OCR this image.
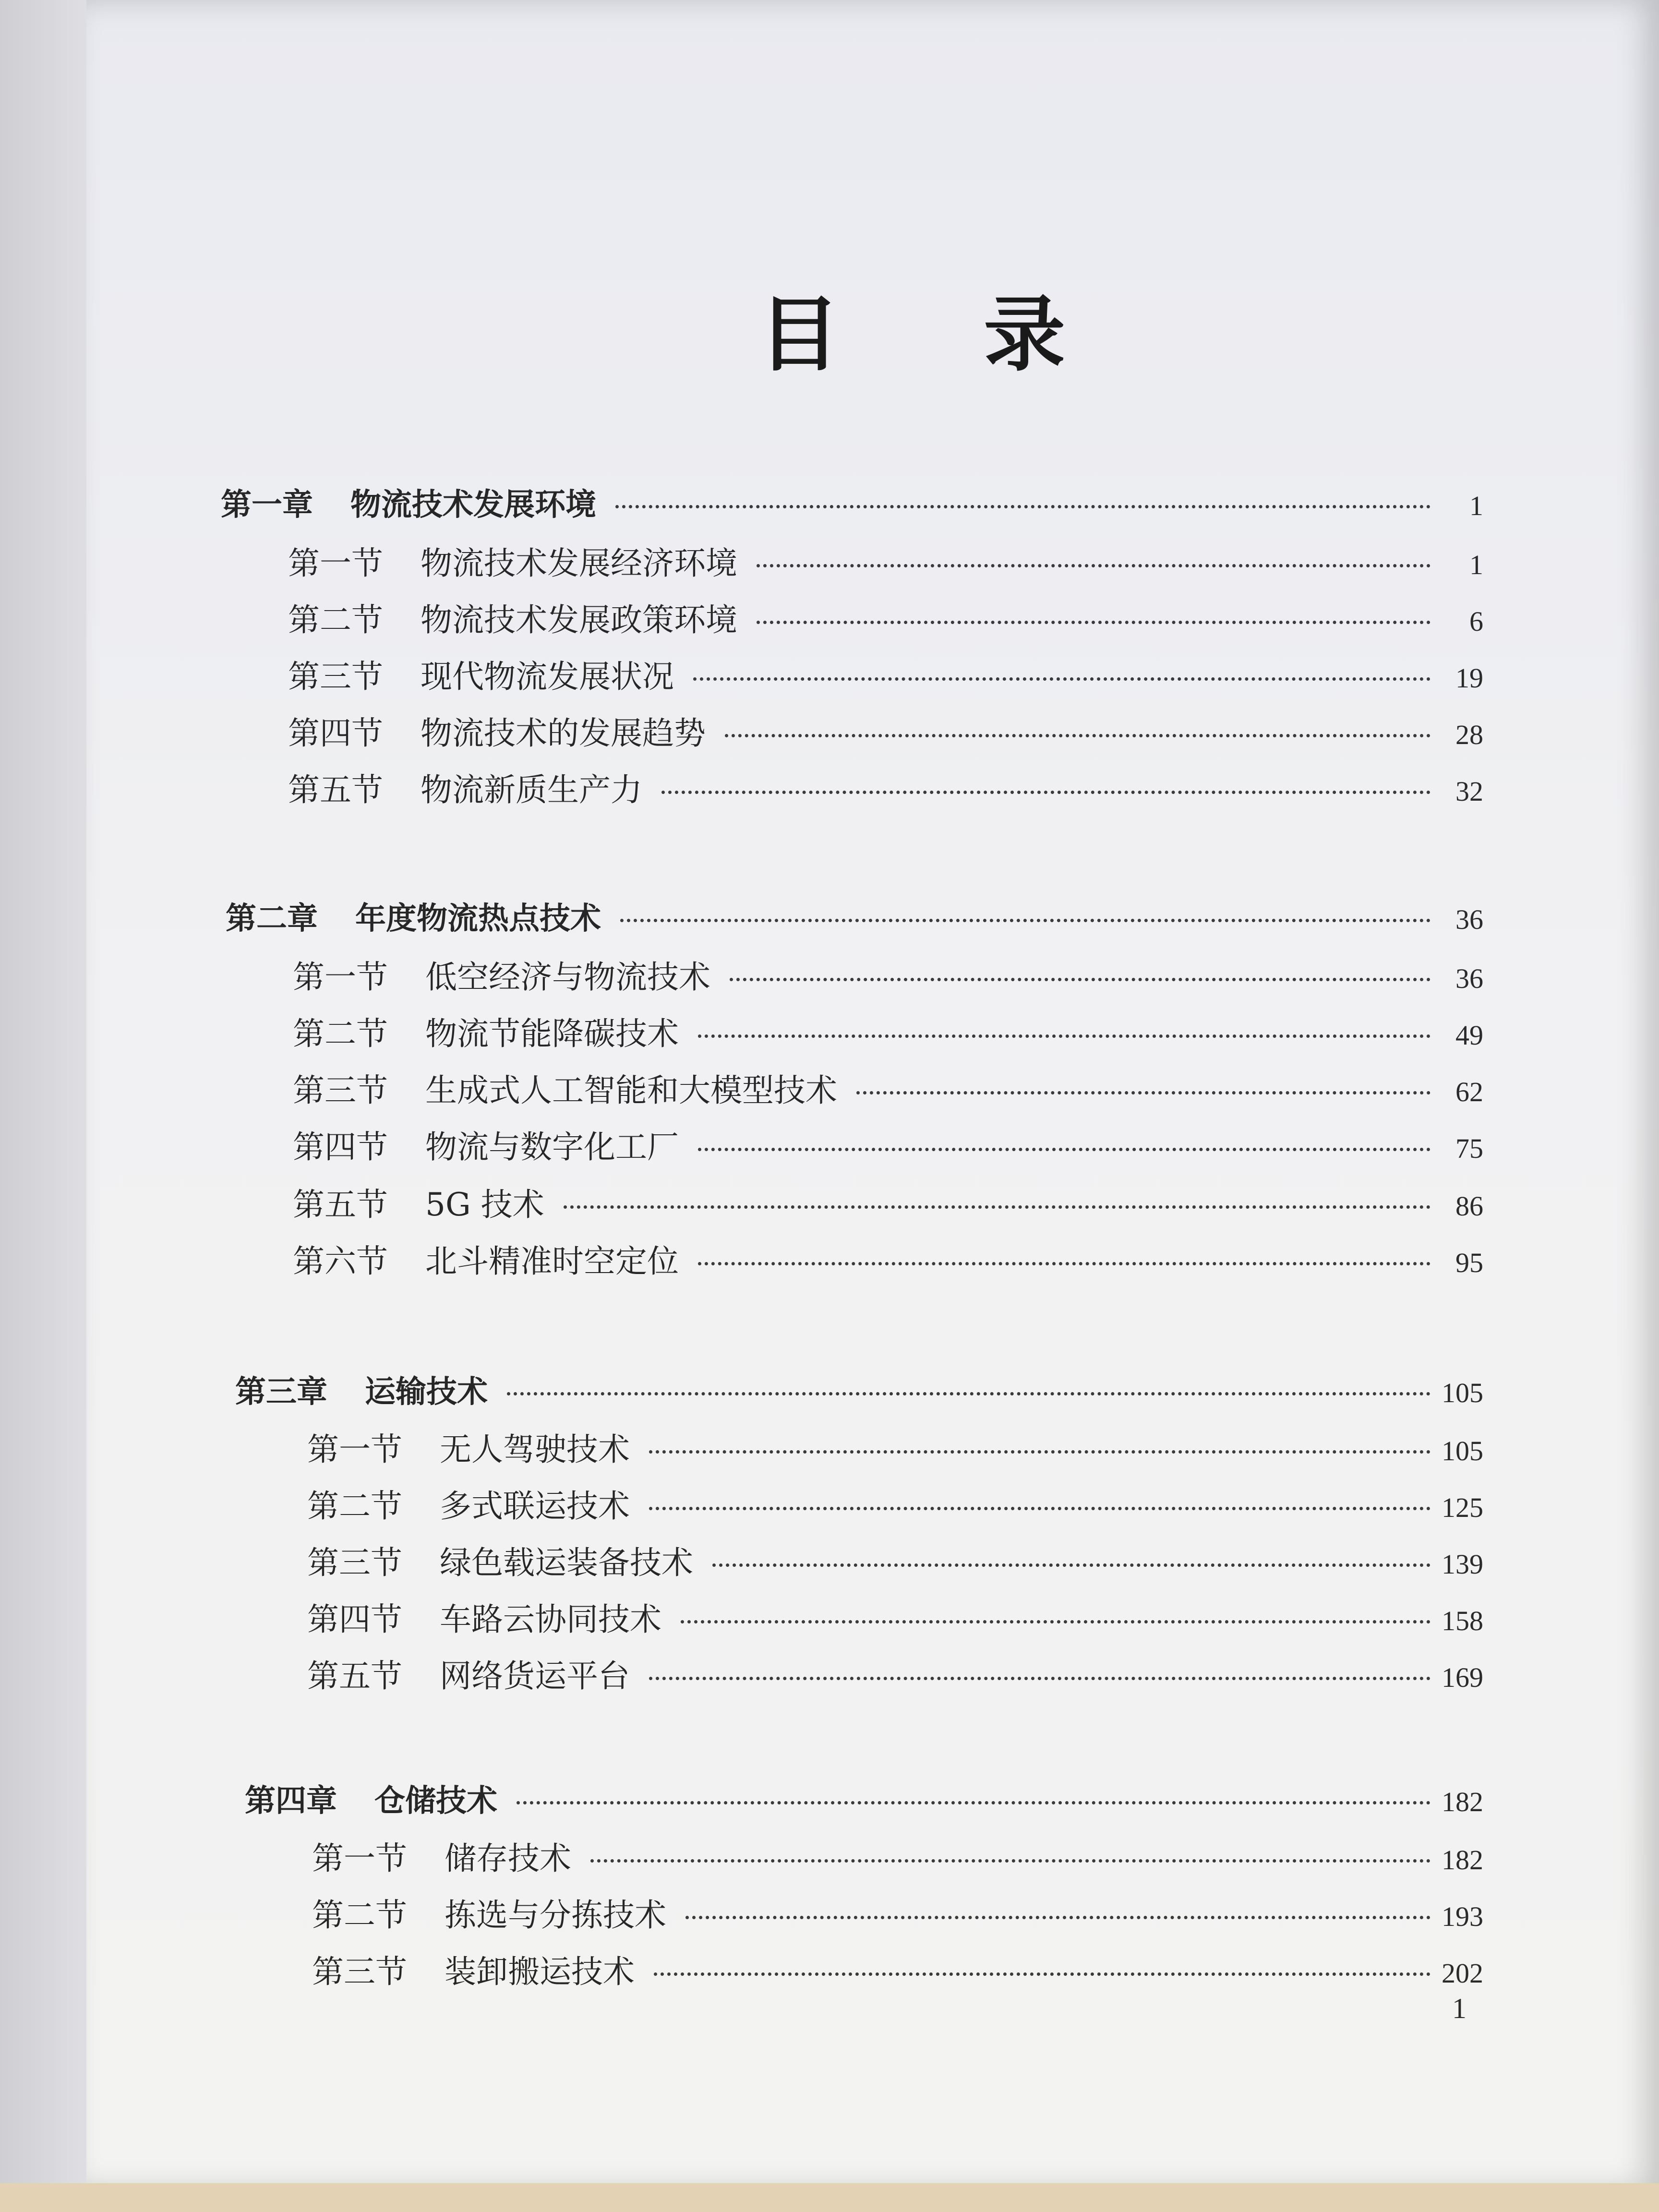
目 录
第一章 物流技术发展环境	1
第一节 物流技术发展经济环境	1
第二节 物流技术发展政策环境	6
第三节 现代物流发展状况	19
第四节 物流技术的发展趋势	28
第五节 物流新质生产力	32
第二章 年度物流热点技术	36
第一节 低空经济与物流技术	36
第二节 物流节能降碳技术	49
第三节 生成式人工智能和大模型技术	62
第四节 物流与数字化工厂	75
第五节 5G 技术	86
第六节 北斗精准时空定位	95
第三章 运输技术	105
第一节 无人驾驶技术	105
第二节 多式联运技术	125
第三节 绿色载运装备技术	139
第四节 车路云协同技术	158
第五节 网络货运平台	169
第四章 仓储技术	182
第一节 储存技术	182
第二节 拣选与分拣技术	193
第三节 装卸搬运技术	202
1
